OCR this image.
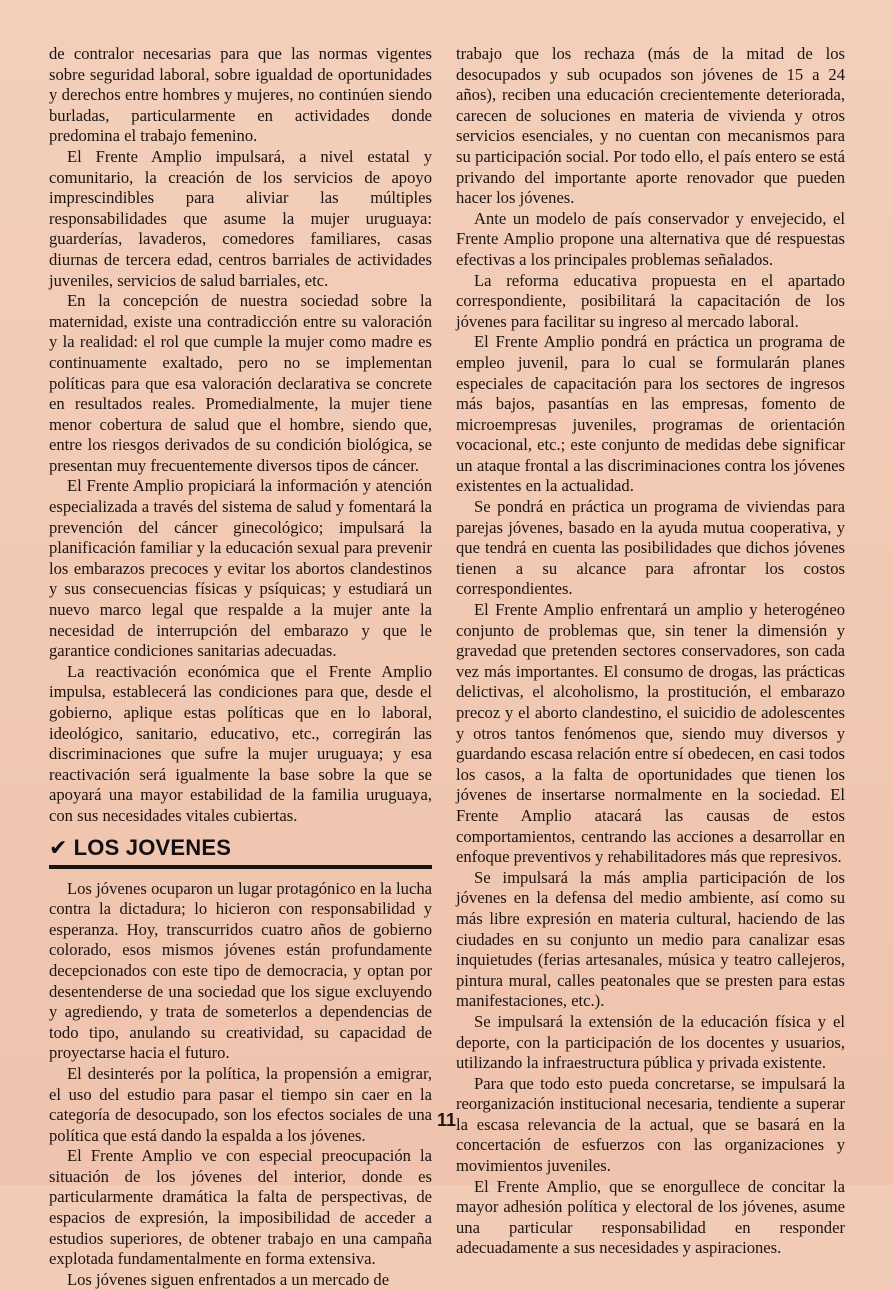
de contralor necesarias para que las normas vigentes sobre seguridad laboral, sobre igualdad de oportunidades y derechos entre hombres y mujeres, no continúen siendo burladas, particularmente en actividades donde predomina el trabajo femenino.

El Frente Amplio impulsará, a nivel estatal y comunitario, la creación de los servicios de apoyo imprescindibles para aliviar las múltiples responsabilidades que asume la mujer uruguaya: guarderías, lavaderos, comedores familiares, casas diurnas de tercera edad, centros barriales de actividades juveniles, servicios de salud barriales, etc.

En la concepción de nuestra sociedad sobre la maternidad, existe una contradicción entre su valoración y la realidad: el rol que cumple la mujer como madre es continuamente exaltado, pero no se implementan políticas para que esa valoración declarativa se concrete en resultados reales. Promedialmente, la mujer tiene menor cobertura de salud que el hombre, siendo que, entre los riesgos derivados de su condición biológica, se presentan muy frecuentemente diversos tipos de cáncer.

El Frente Amplio propiciará la información y atención especializada a través del sistema de salud y fomentará la prevención del cáncer ginecológico; impulsará la planificación familiar y la educación sexual para prevenir los embarazos precoces y evitar los abortos clandestinos y sus consecuencias físicas y psíquicas; y estudiará un nuevo marco legal que respalde a la mujer ante la necesidad de interrupción del embarazo y que le garantice condiciones sanitarias adecuadas.

La reactivación económica que el Frente Amplio impulsa, establecerá las condiciones para que, desde el gobierno, aplique estas políticas que en lo laboral, ideológico, sanitario, educativo, etc., corregirán las discriminaciones que sufre la mujer uruguaya; y esa reactivación será igualmente la base sobre la que se apoyará una mayor estabilidad de la familia uruguaya, con sus necesidades vitales cubiertas.

✔ LOS JOVENES

Los jóvenes ocuparon un lugar protagónico en la lucha contra la dictadura; lo hicieron con responsabilidad y esperanza. Hoy, transcurridos cuatro años de gobierno colorado, esos mismos jóvenes están profundamente decepcionados con este tipo de democracia, y optan por desentenderse de una sociedad que los sigue excluyendo y agrediendo, y trata de someterlos a dependencias de todo tipo, anulando su creatividad, su capacidad de proyectarse hacia el futuro.

El desinterés por la política, la propensión a emigrar, el uso del estudio para pasar el tiempo sin caer en la categoría de desocupado, son los efectos sociales de una política que está dando la espalda a los jóvenes.

El Frente Amplio ve con especial preocupación la situación de los jóvenes del interior, donde es particularmente dramática la falta de perspectivas, de espacios de expresión, la imposibilidad de acceder a estudios superiores, de obtener trabajo en una campaña explotada fundamentalmente en forma extensiva.

Los jóvenes siguen enfrentados a un mercado de

trabajo que los rechaza (más de la mitad de los desocupados y sub ocupados son jóvenes de 15 a 24 años), reciben una educación crecientemente deteriorada, carecen de soluciones en materia de vivienda y otros servicios esenciales, y no cuentan con mecanismos para su participación social. Por todo ello, el país entero se está privando del importante aporte renovador que pueden hacer los jóvenes.

Ante un modelo de país conservador y envejecido, el Frente Amplio propone una alternativa que dé respuestas efectivas a los principales problemas señalados.

La reforma educativa propuesta en el apartado correspondiente, posibilitará la capacitación de los jóvenes para facilitar su ingreso al mercado laboral.

El Frente Amplio pondrá en práctica un programa de empleo juvenil, para lo cual se formularán planes especiales de capacitación para los sectores de ingresos más bajos, pasantías en las empresas, fomento de microempresas juveniles, programas de orientación vocacional, etc.; este conjunto de medidas debe significar un ataque frontal a las discriminaciones contra los jóvenes existentes en la actualidad.

Se pondrá en práctica un programa de viviendas para parejas jóvenes, basado en la ayuda mutua cooperativa, y que tendrá en cuenta las posibilidades que dichos jóvenes tienen a su alcance para afrontar los costos correspondientes.

El Frente Amplio enfrentará un amplio y heterogéneo conjunto de problemas que, sin tener la dimensión y gravedad que pretenden sectores conservadores, son cada vez más importantes. El consumo de drogas, las prácticas delictivas, el alcoholismo, la prostitución, el embarazo precoz y el aborto clandestino, el suicidio de adolescentes y otros tantos fenómenos que, siendo muy diversos y guardando escasa relación entre sí obedecen, en casi todos los casos, a la falta de oportunidades que tienen los jóvenes de insertarse normalmente en la sociedad. El Frente Amplio atacará las causas de estos comportamientos, centrando las acciones a desarrollar en enfoque preventivos y rehabilitadores más que represivos.

Se impulsará la más amplia participación de los jóvenes en la defensa del medio ambiente, así como su más libre expresión en materia cultural, haciendo de las ciudades en su conjunto un medio para canalizar esas inquietudes (ferias artesanales, música y teatro callejeros, pintura mural, calles peatonales que se presten para estas manifestaciones, etc.).

Se impulsará la extensión de la educación física y el deporte, con la participación de los docentes y usuarios, utilizando la infraestructura pública y privada existente.

Para que todo esto pueda concretarse, se impulsará la reorganización institucional necesaria, tendiente a superar la escasa relevancia de la actual, que se basará en la concertación de esfuerzos con las organizaciones y movimientos juveniles.

El Frente Amplio, que se enorgullece de concitar la mayor adhesión política y electoral de los jóvenes, asume una particular responsabilidad en responder adecuadamente a sus necesidades y aspiraciones.

11
